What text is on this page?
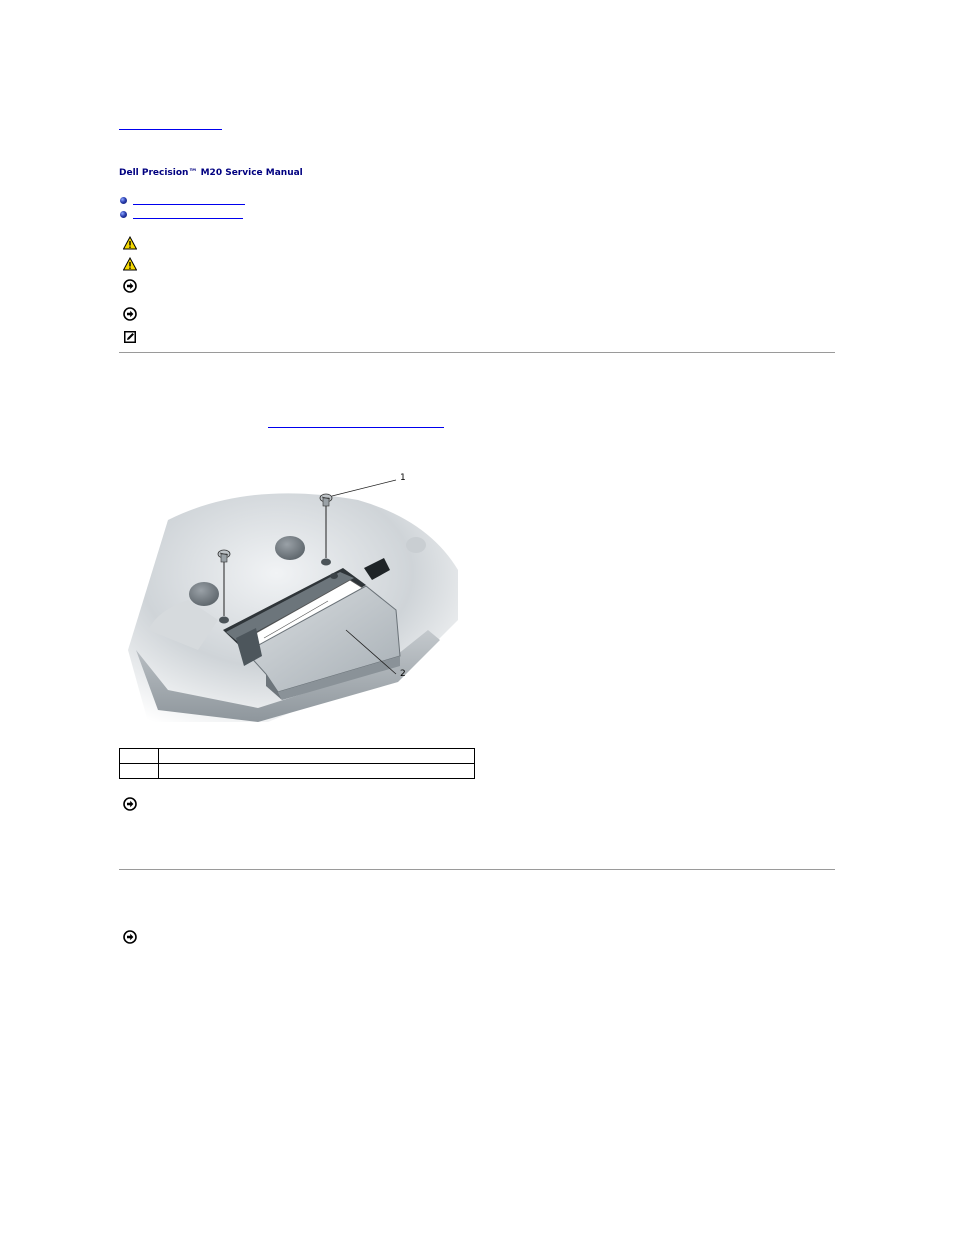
Dell Precision™ M20 Service Manual
1
2
